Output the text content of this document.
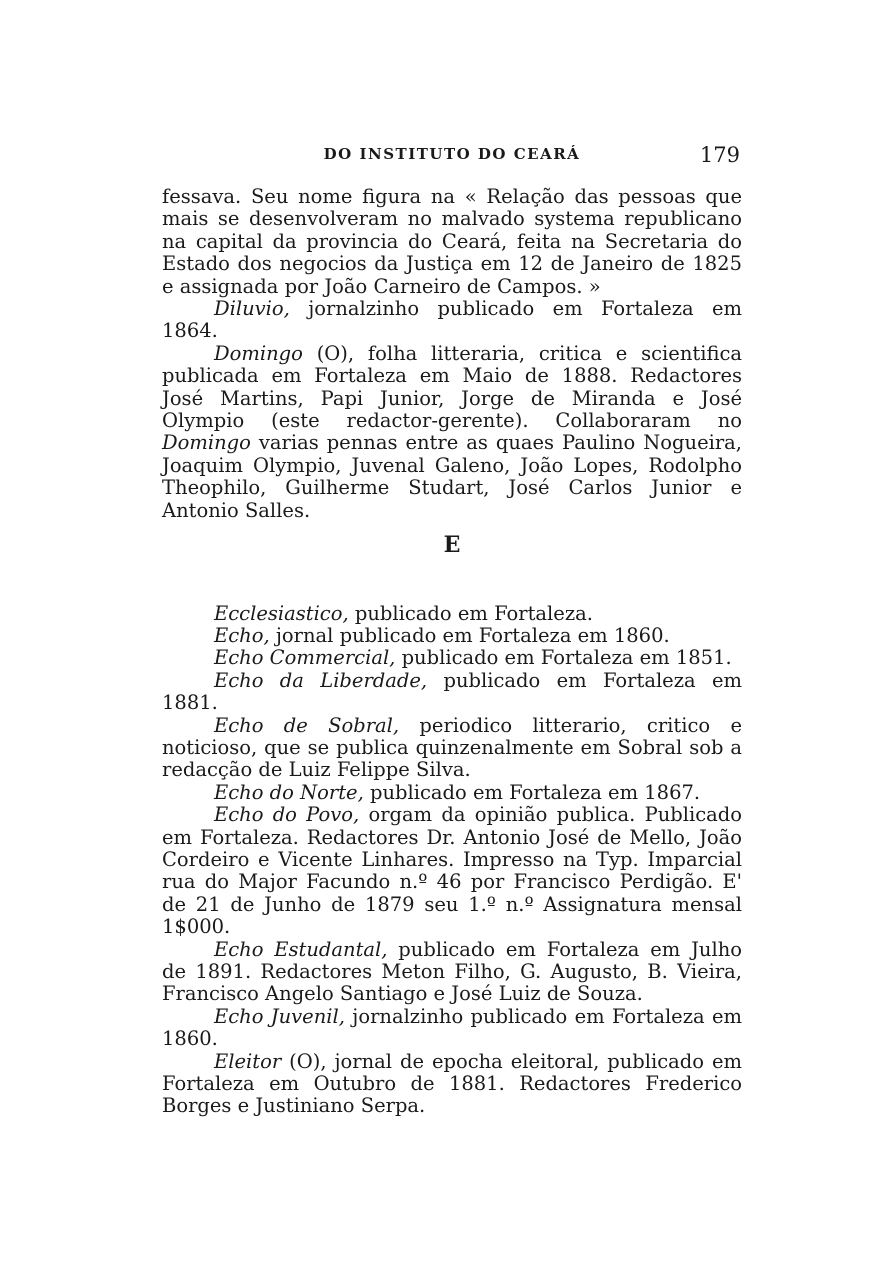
DO INSTITUTO DO CEARÁ	179

fessava. Seu nome figura na « Relação das pessoas que mais se desenvolveram no malvado systema republicano na capital da provincia do Ceará, feita na Secretaria do Estado dos negocios da Justiça em 12 de Janeiro de 1825 e assignada por João Carneiro de Campos. »

Diluvio, jornalzinho publicado em Fortaleza em 1864.

Domingo (O), folha litteraria, critica e scientifica publicada em Fortaleza em Maio de 1888. Redactores José Martins, Papi Junior, Jorge de Miranda e José Olympio (este redactor-gerente). Collaboraram no Domingo varias pennas entre as quaes Paulino Nogueira, Joaquim Olympio, Juvenal Galeno, João Lopes, Rodolpho Theophilo, Guilherme Studart, José Carlos Junior e Antonio Salles.

E

Ecclesiastico, publicado em Fortaleza.

Echo, jornal publicado em Fortaleza em 1860.

Echo Commercial, publicado em Fortaleza em 1851.

Echo da Liberdade, publicado em Fortaleza em 1881.

Echo de Sobral, periodico litterario, critico e noticioso, que se publica quinzenalmente em Sobral sob a redacção de Luiz Felippe Silva.

Echo do Norte, publicado em Fortaleza em 1867.

Echo do Povo, orgam da opinião publica. Publicado em Fortaleza. Redactores Dr. Antonio José de Mello, João Cordeiro e Vicente Linhares. Impresso na Typ. Imparcial rua do Major Facundo n.º 46 por Francisco Perdigão. E' de 21 de Junho de 1879 seu 1.º n.º Assignatura mensal 1$000.

Echo Estudantal, publicado em Fortaleza em Julho de 1891. Redactores Meton Filho, G. Augusto, B. Vieira, Francisco Angelo Santiago e José Luiz de Souza.

Echo Juvenil, jornalzinho publicado em Fortaleza em 1860.

Eleitor (O), jornal de epocha eleitoral, publicado em Fortaleza em Outubro de 1881. Redactores Frederico Borges e Justiniano Serpa.
